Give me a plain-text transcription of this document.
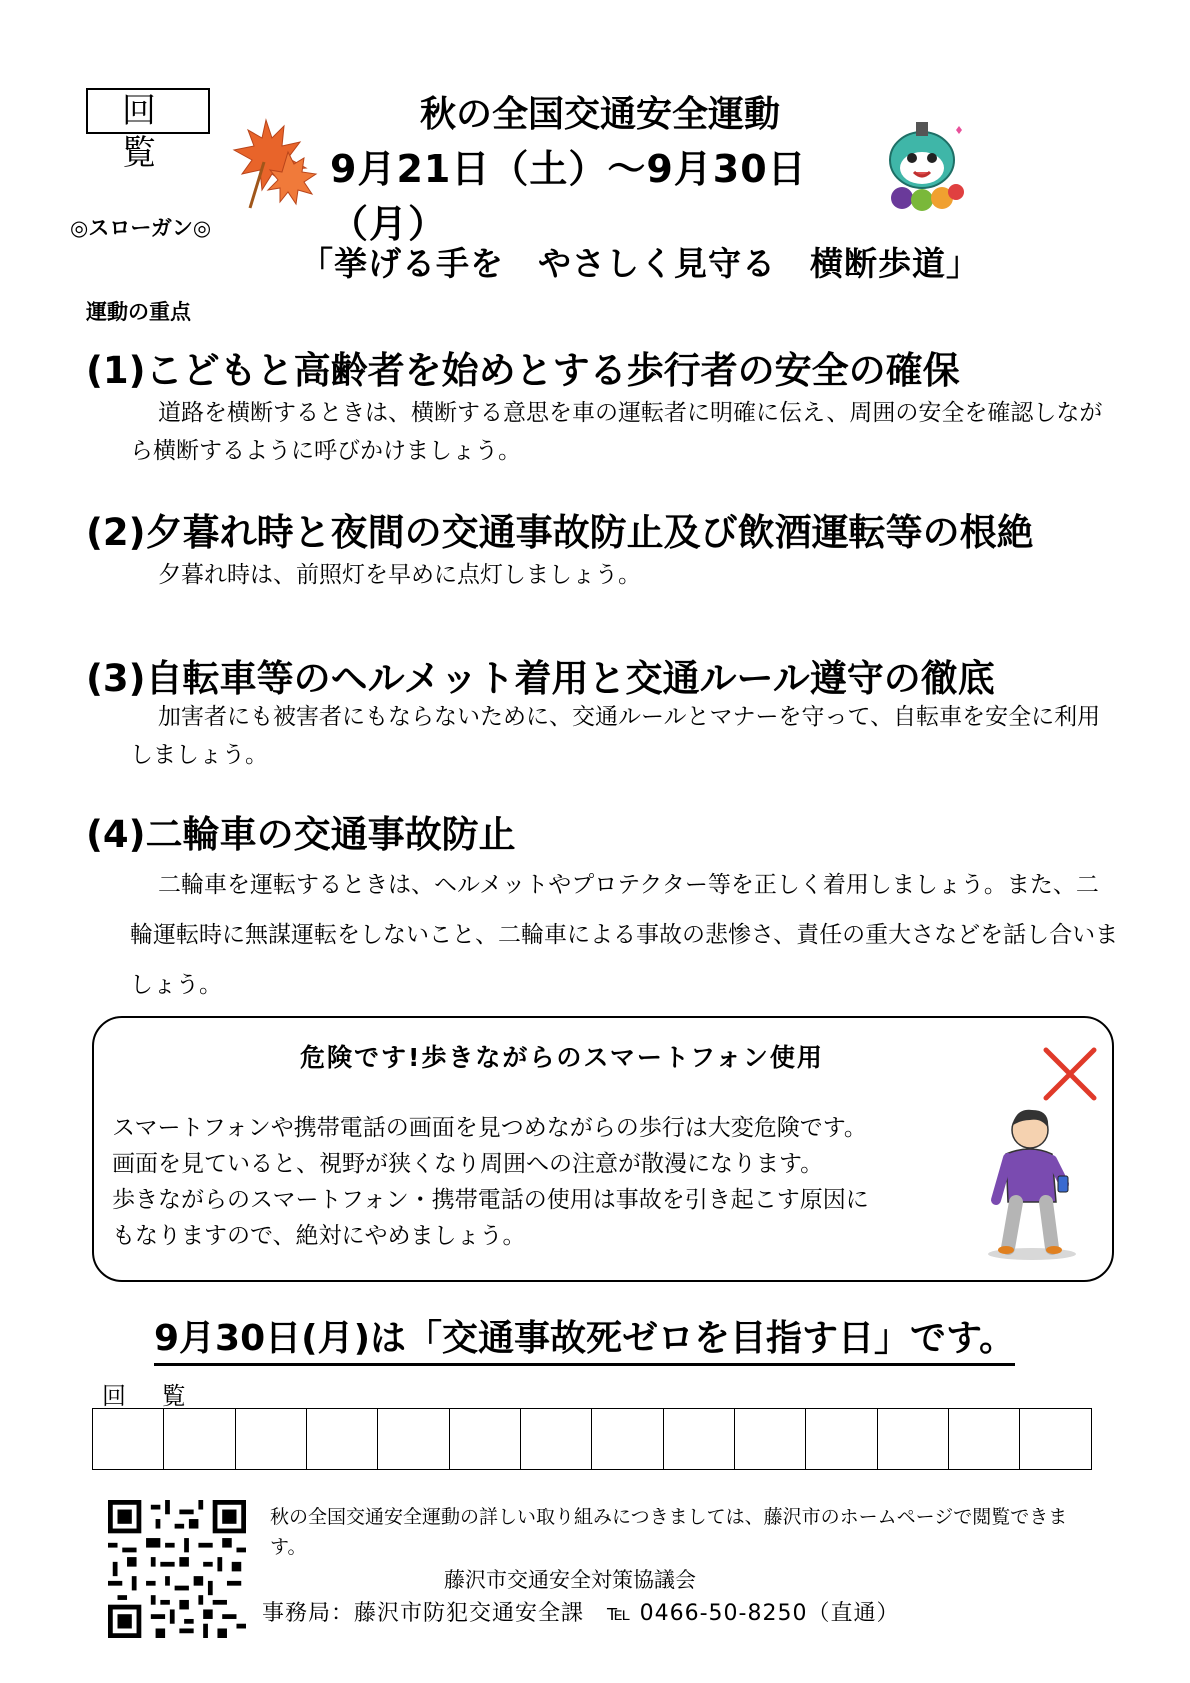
回 覧
秋の全国交通安全運動
9月21日（土）～9月30日（月）
◎スローガン◎
「挙げる手を　やさしく見守る　横断歩道」
運動の重点
(1)こどもと高齢者を始めとする歩行者の安全の確保
道路を横断するときは、横断する意思を車の運転者に明確に伝え、周囲の安全を確認しながら横断するように呼びかけましょう。
(2)夕暮れ時と夜間の交通事故防止及び飲酒運転等の根絶
夕暮れ時は、前照灯を早めに点灯しましょう。
(3)自転車等のヘルメット着用と交通ルール遵守の徹底
加害者にも被害者にもならないために、交通ルールとマナーを守って、自転車を安全に利用しましょう。
(4)二輪車の交通事故防止
二輪車を運転するときは、ヘルメットやプロテクター等を正しく着用しましょう。また、二輪運転時に無謀運転をしないこと、二輪車による事故の悲惨さ、責任の重大さなどを話し合いましょう。
危険です!歩きながらのスマートフォン使用
スマートフォンや携帯電話の画面を見つめながらの歩行は大変危険です。
画面を見ていると、視野が狭くなり周囲への注意が散漫になります。
歩きながらのスマートフォン・携帯電話の使用は事故を引き起こす原因に
もなりますので、絶対にやめましょう。
9月30日(月)は「交通事故死ゼロを目指す日」です。
回 覧

秋の全国交通安全運動の詳しい取り組みにつきましては、藤沢市のホームページで閲覧できます。
藤沢市交通安全対策協議会
事務局：藤沢市防犯交通安全課　℡ 0466-50-8250（直通）
